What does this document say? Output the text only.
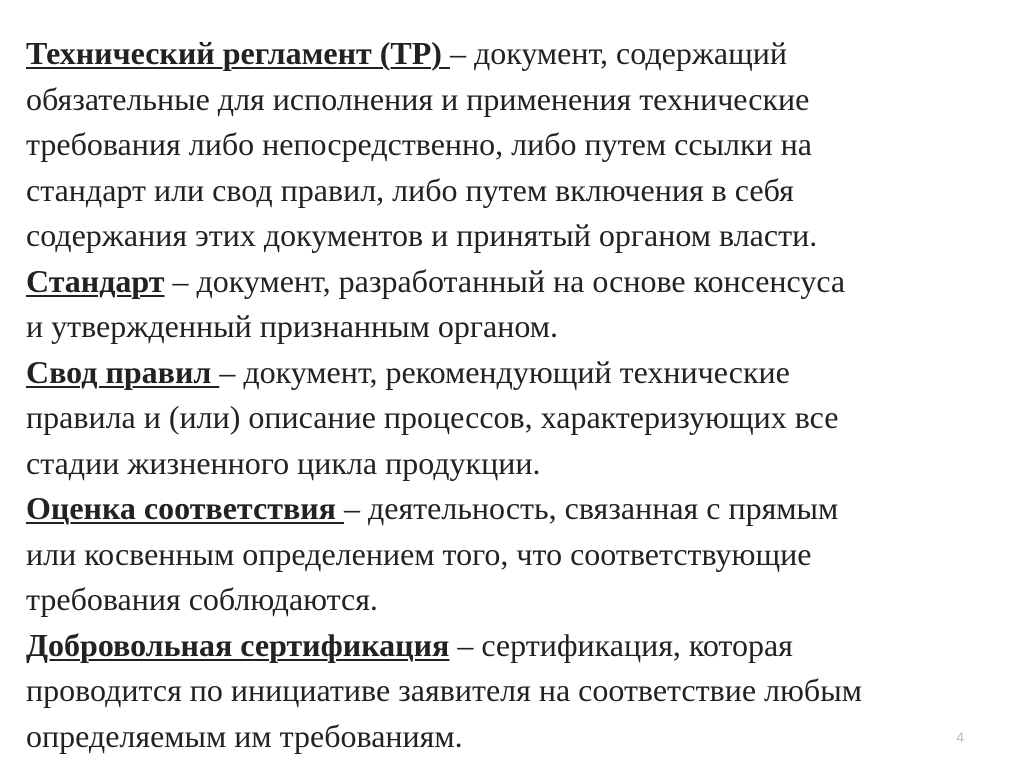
Технический регламент (ТР) – документ, содержащий
обязательные для исполнения и применения технические
требования либо непосредственно, либо путем ссылки на
стандарт или свод правил, либо путем включения в себя
содержания этих документов и принятый органом власти.
Стандарт – документ, разработанный на основе консенсуса
и утвержденный признанным органом.
Свод правил – документ, рекомендующий технические
правила и (или) описание процессов, характеризующих все
стадии жизненного цикла продукции.
Оценка соответствия – деятельность, связанная с прямым
или косвенным определением того, что соответствующие
требования соблюдаются.
Добровольная сертификация – сертификация, которая
проводится по инициативе заявителя на соответствие любым
определяемым им требованиям.	4
